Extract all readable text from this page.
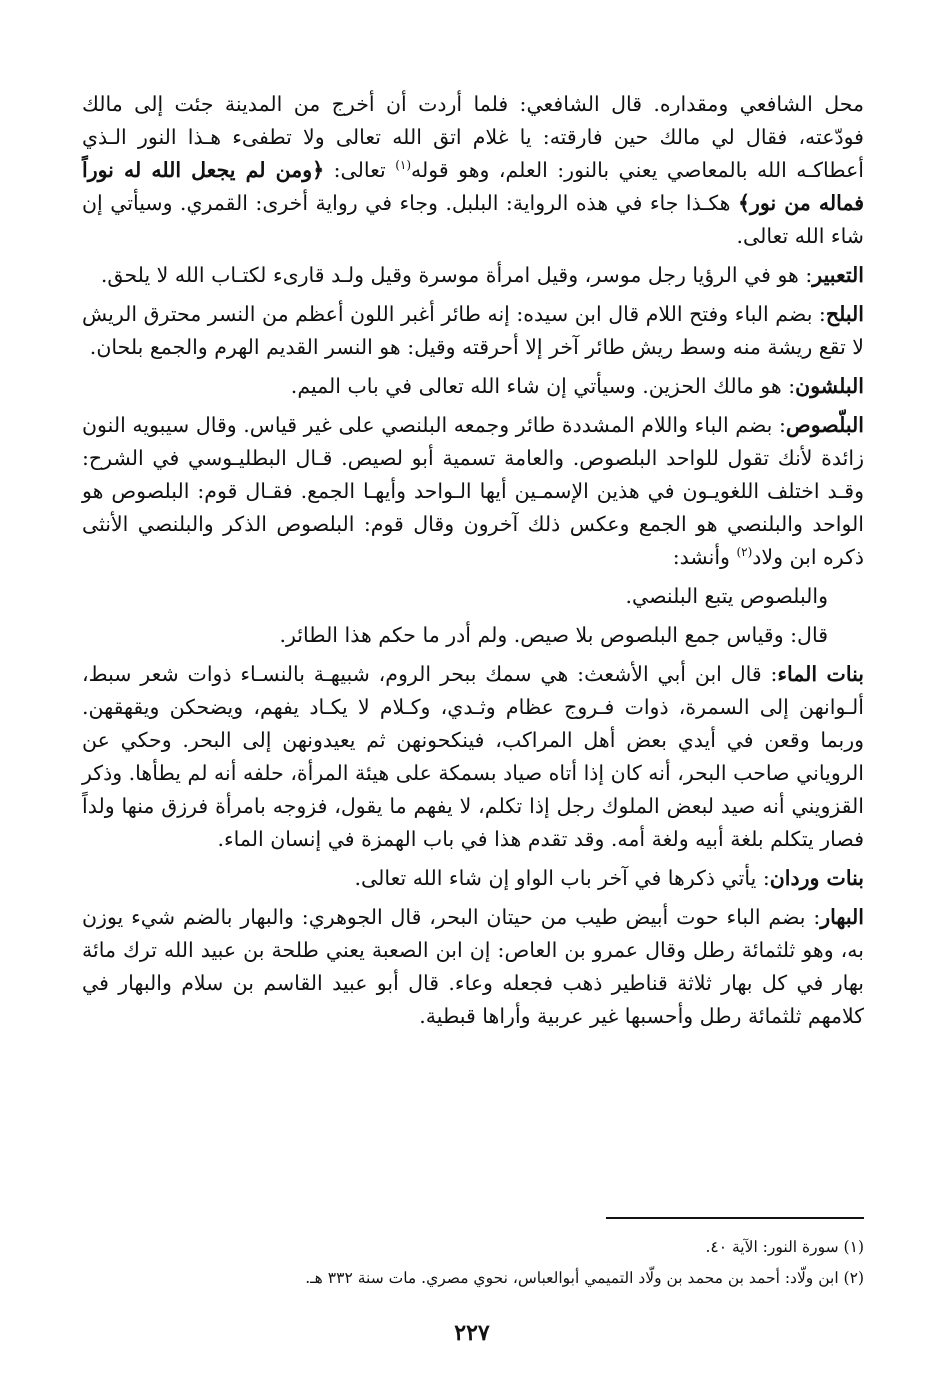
محل الشافعي ومقداره. قال الشافعي: فلما أردت أن أخرج من المدينة جئت إلى مالك فودّعته، فقال لي مالك حين فارقته: يا غلام اتق الله تعالى ولا تطفىء هـذا النور الـذي أعطاكـه الله بالمعاصي يعني بالنور: العلم، وهو قوله$^{(١)}$ تعالى: ﴿ومن لم يجعل الله له نوراً فماله من نور﴾ هكـذا جاء في هذه الرواية: البلبل. وجاء في رواية أخرى: القمري. وسيأتي إن شاء الله تعالى.

التعبير: هو في الرؤيا رجل موسر، وقيل امرأة موسرة وقيل ولـد قارىء لكتـاب الله لا يلحق.

البلح: بضم الباء وفتح اللام قال ابن سيده: إنه طائر أغبر اللون أعظم من النسر محترق الريش لا تقع ريشة منه وسط ريش طائر آخر إلا أحرقته وقيل: هو النسر القديم الهرم والجمع بلحان.

البلشون: هو مالك الحزين. وسيأتي إن شاء الله تعالى في باب الميم.

البلّصوص: بضم الباء واللام المشددة طائر وجمعه البلنصي على غير قياس. وقال سيبويه النون زائدة لأنك تقول للواحد البلصوص. والعامة تسمية أبو لصيص. قـال البطليـوسي في الشرح: وقـد اختلف اللغويـون في هذين الإسمـين أيها الـواحد وأيهـا الجمع. فقـال قوم: البلصوص هو الواحد والبلنصي هو الجمع وعكس ذلك آخرون وقال قوم: البلصوص الذكر والبلنصي الأنثى ذكره ابن ولاد$^{(٢)}$ وأنشد:

والبلصوص يتبع البلنصي.

قال: وقياس جمع البلصوص بلا صيص. ولم أدر ما حكم هذا الطائر.

بنات الماء: قال ابن أبي الأشعث: هي سمك ببحر الروم، شبيهـة بالنسـاء ذوات شعر سبط، ألـوانهن إلى السمرة، ذوات فـروج عظام وثـدي، وكـلام لا يكـاد يفهم، ويضحكن ويقهقهن. وربما وقعن في أيدي بعض أهل المراكب، فينكحونهن ثم يعيدونهن إلى البحر. وحكي عن الروياني صاحب البحر، أنه كان إذا أتاه صياد بسمكة على هيئة المرأة، حلفه أنه لم يطأها. وذكر القزويني أنه صيد لبعض الملوك رجل إذا تكلم، لا يفهم ما يقول، فزوجه بامرأة فرزق منها ولداً فصار يتكلم بلغة أبيه ولغة أمه. وقد تقدم هذا في باب الهمزة في إنسان الماء.

بنات وردان: يأتي ذكرها في آخر باب الواو إن شاء الله تعالى.

البهار: بضم الباء حوت أبيض طيب من حيتان البحر، قال الجوهري: والبهار بالضم شيء يوزن به، وهو ثلثمائة رطل وقال عمرو بن العاص: إن ابن الصعبة يعني طلحة بن عبيد الله ترك مائة بهار في كل بهار ثلاثة قناطير ذهب فجعله وعاء. قال أبو عبيد القاسم بن سلام والبهار في كلامهم ثلثمائة رطل وأحسبها غير عربية وأراها قبطية.

(١) سورة النور: الآية ٤٠.
(٢) ابن ولّاد: أحمد بن محمد بن ولّاد التميمي أبوالعباس، نحوي مصري. مات سنة ٣٣٢ هـ.
٢٢٧
